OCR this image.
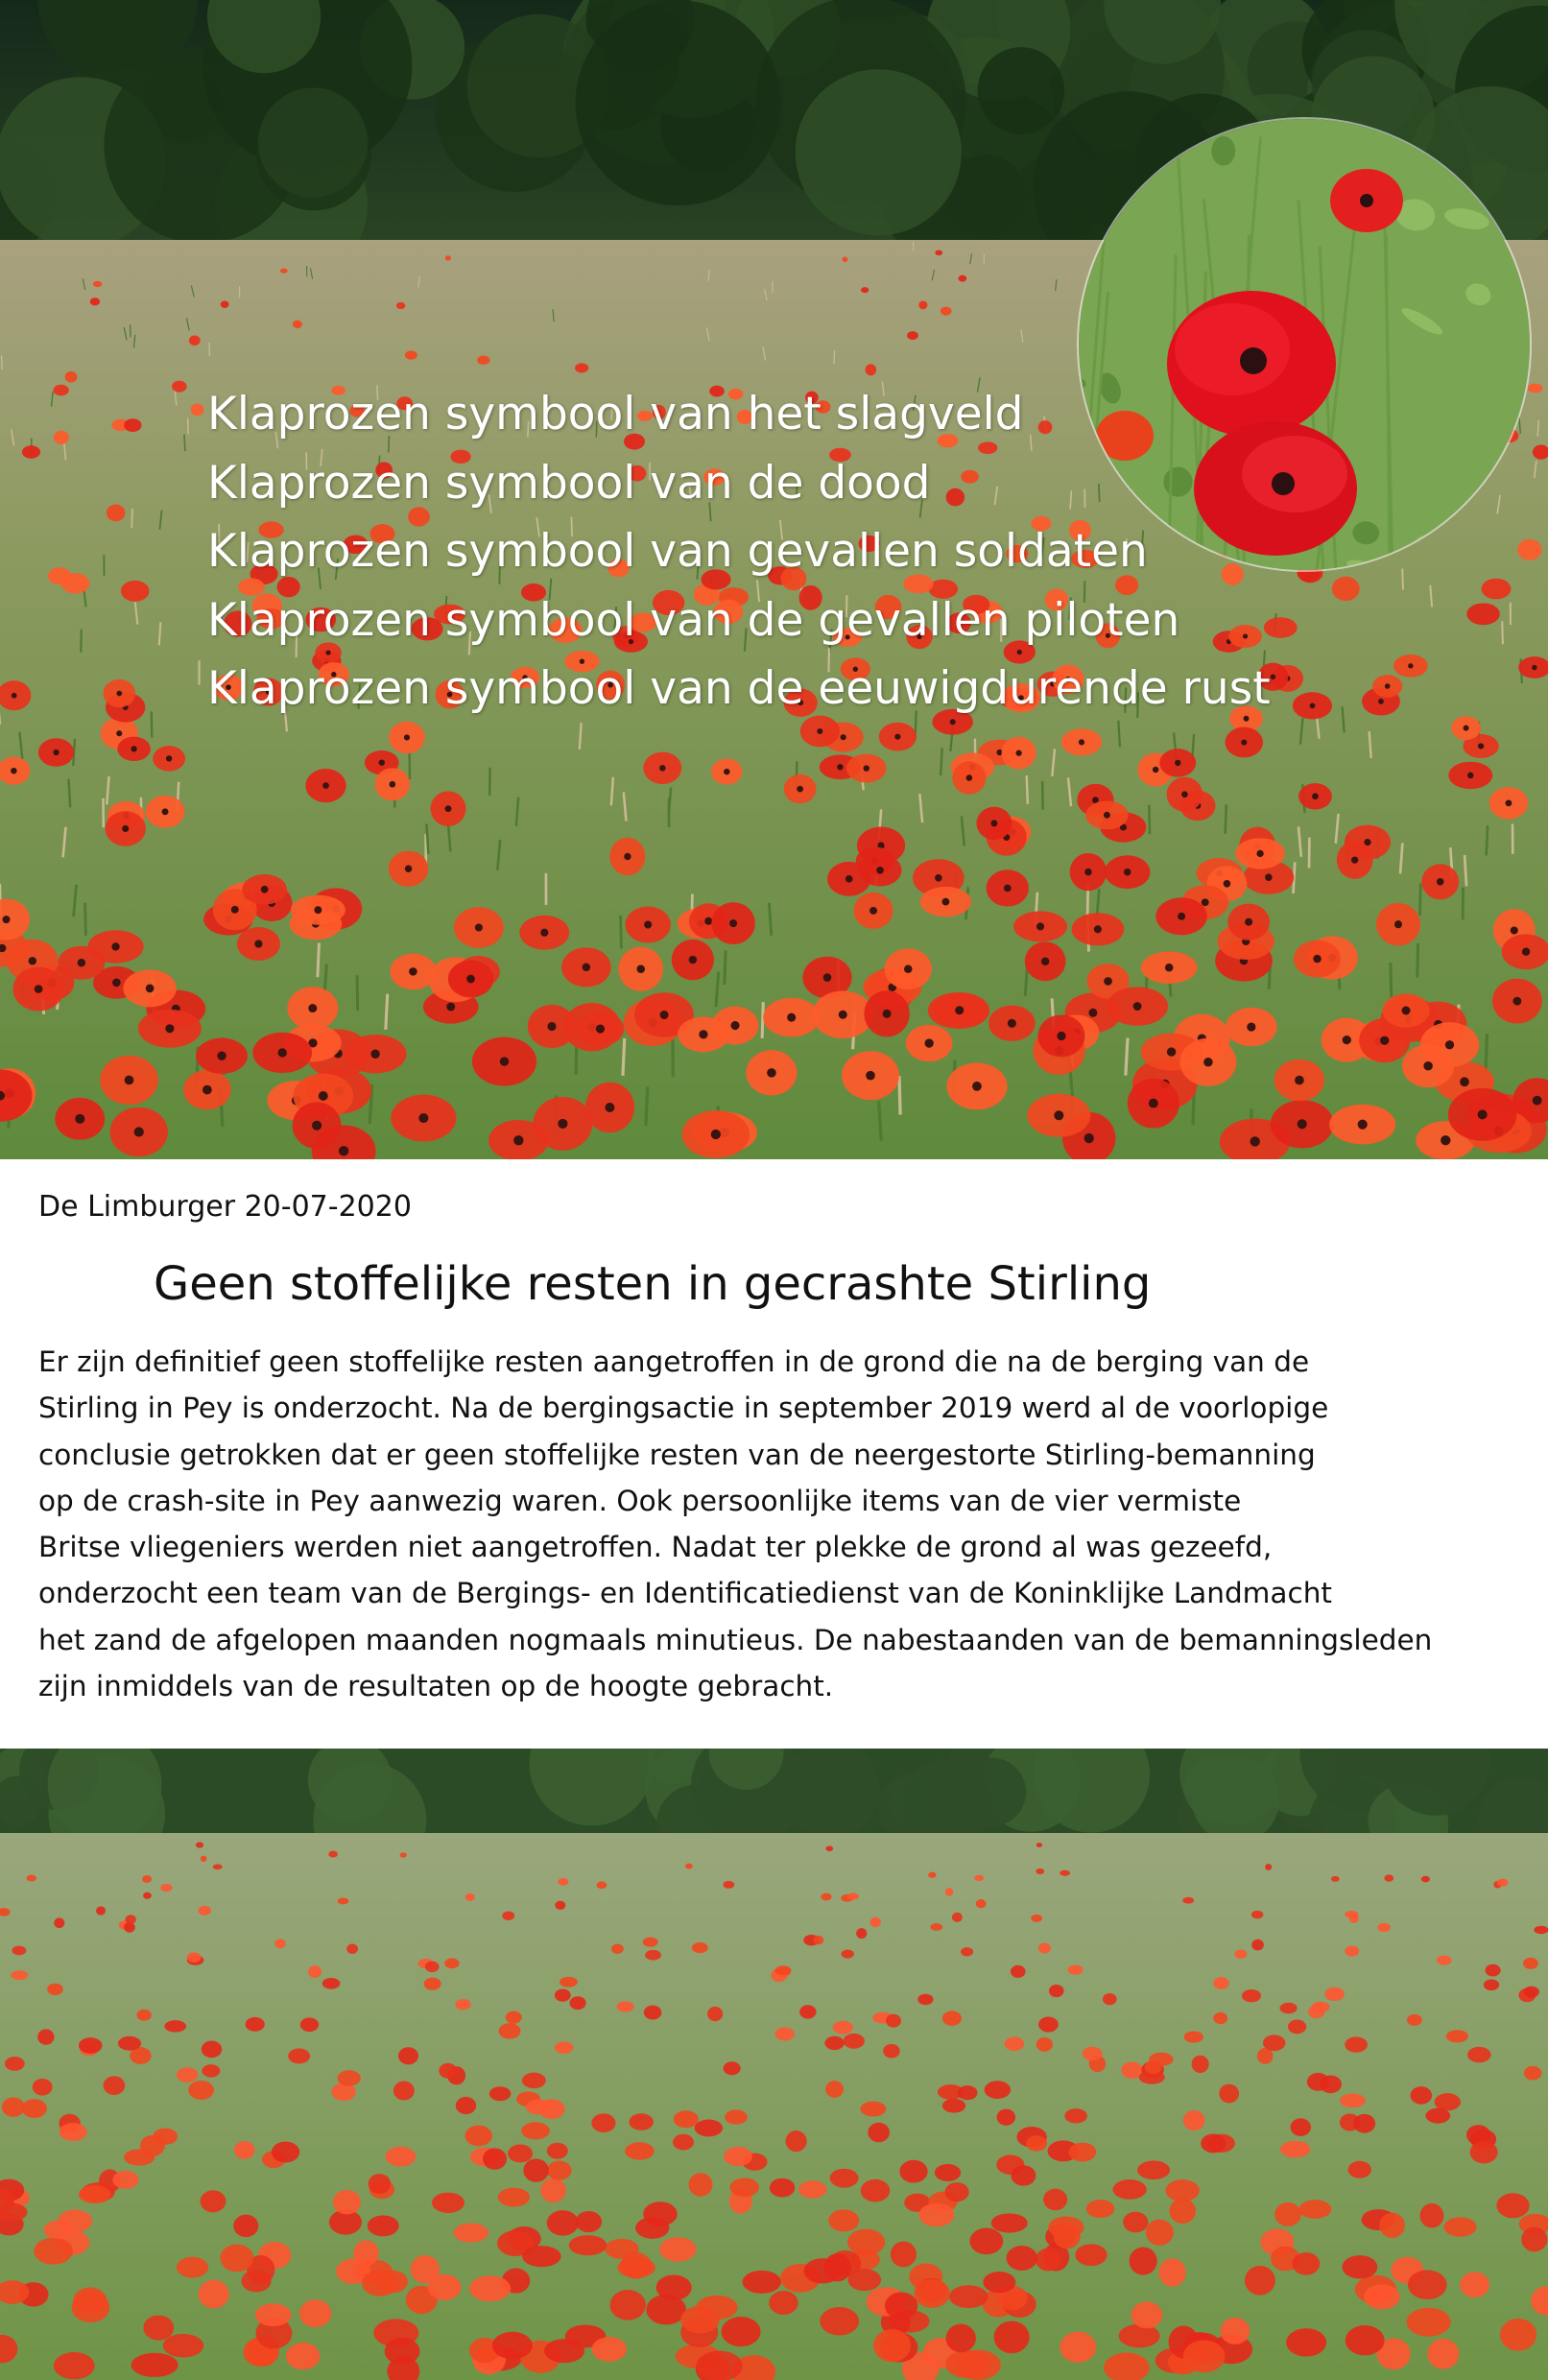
Klaprozen symbool van het slagveld
Klaprozen symbool van de dood
Klaprozen symbool van gevallen soldaten
Klaprozen symbool van de gevallen piloten
Klaprozen symbool van de eeuwigdurende rust

De Limburger 20-07-2020

Geen stoffelijke resten in gecrashte Stirling
Er zijn definitief geen stoffelijke resten aangetroffen in de grond die na de berging van de
Stirling in Pey is onderzocht. Na de bergingsactie in september 2019 werd al de voorlopige
conclusie getrokken dat er geen stoffelijke resten van de neergestorte Stirling-bemanning
op de crash-site in Pey aanwezig waren. Ook persoonlijke items van de vier vermiste
Britse vliegeniers werden niet aangetroffen. Nadat ter plekke de grond al was gezeefd,
onderzocht een team van de Bergings- en Identificatiedienst van de Koninklijke Landmacht
het zand de afgelopen maanden nogmaals minutieus. De nabestaanden van de bemanningsleden
zijn inmiddels van de resultaten op de hoogte gebracht.
